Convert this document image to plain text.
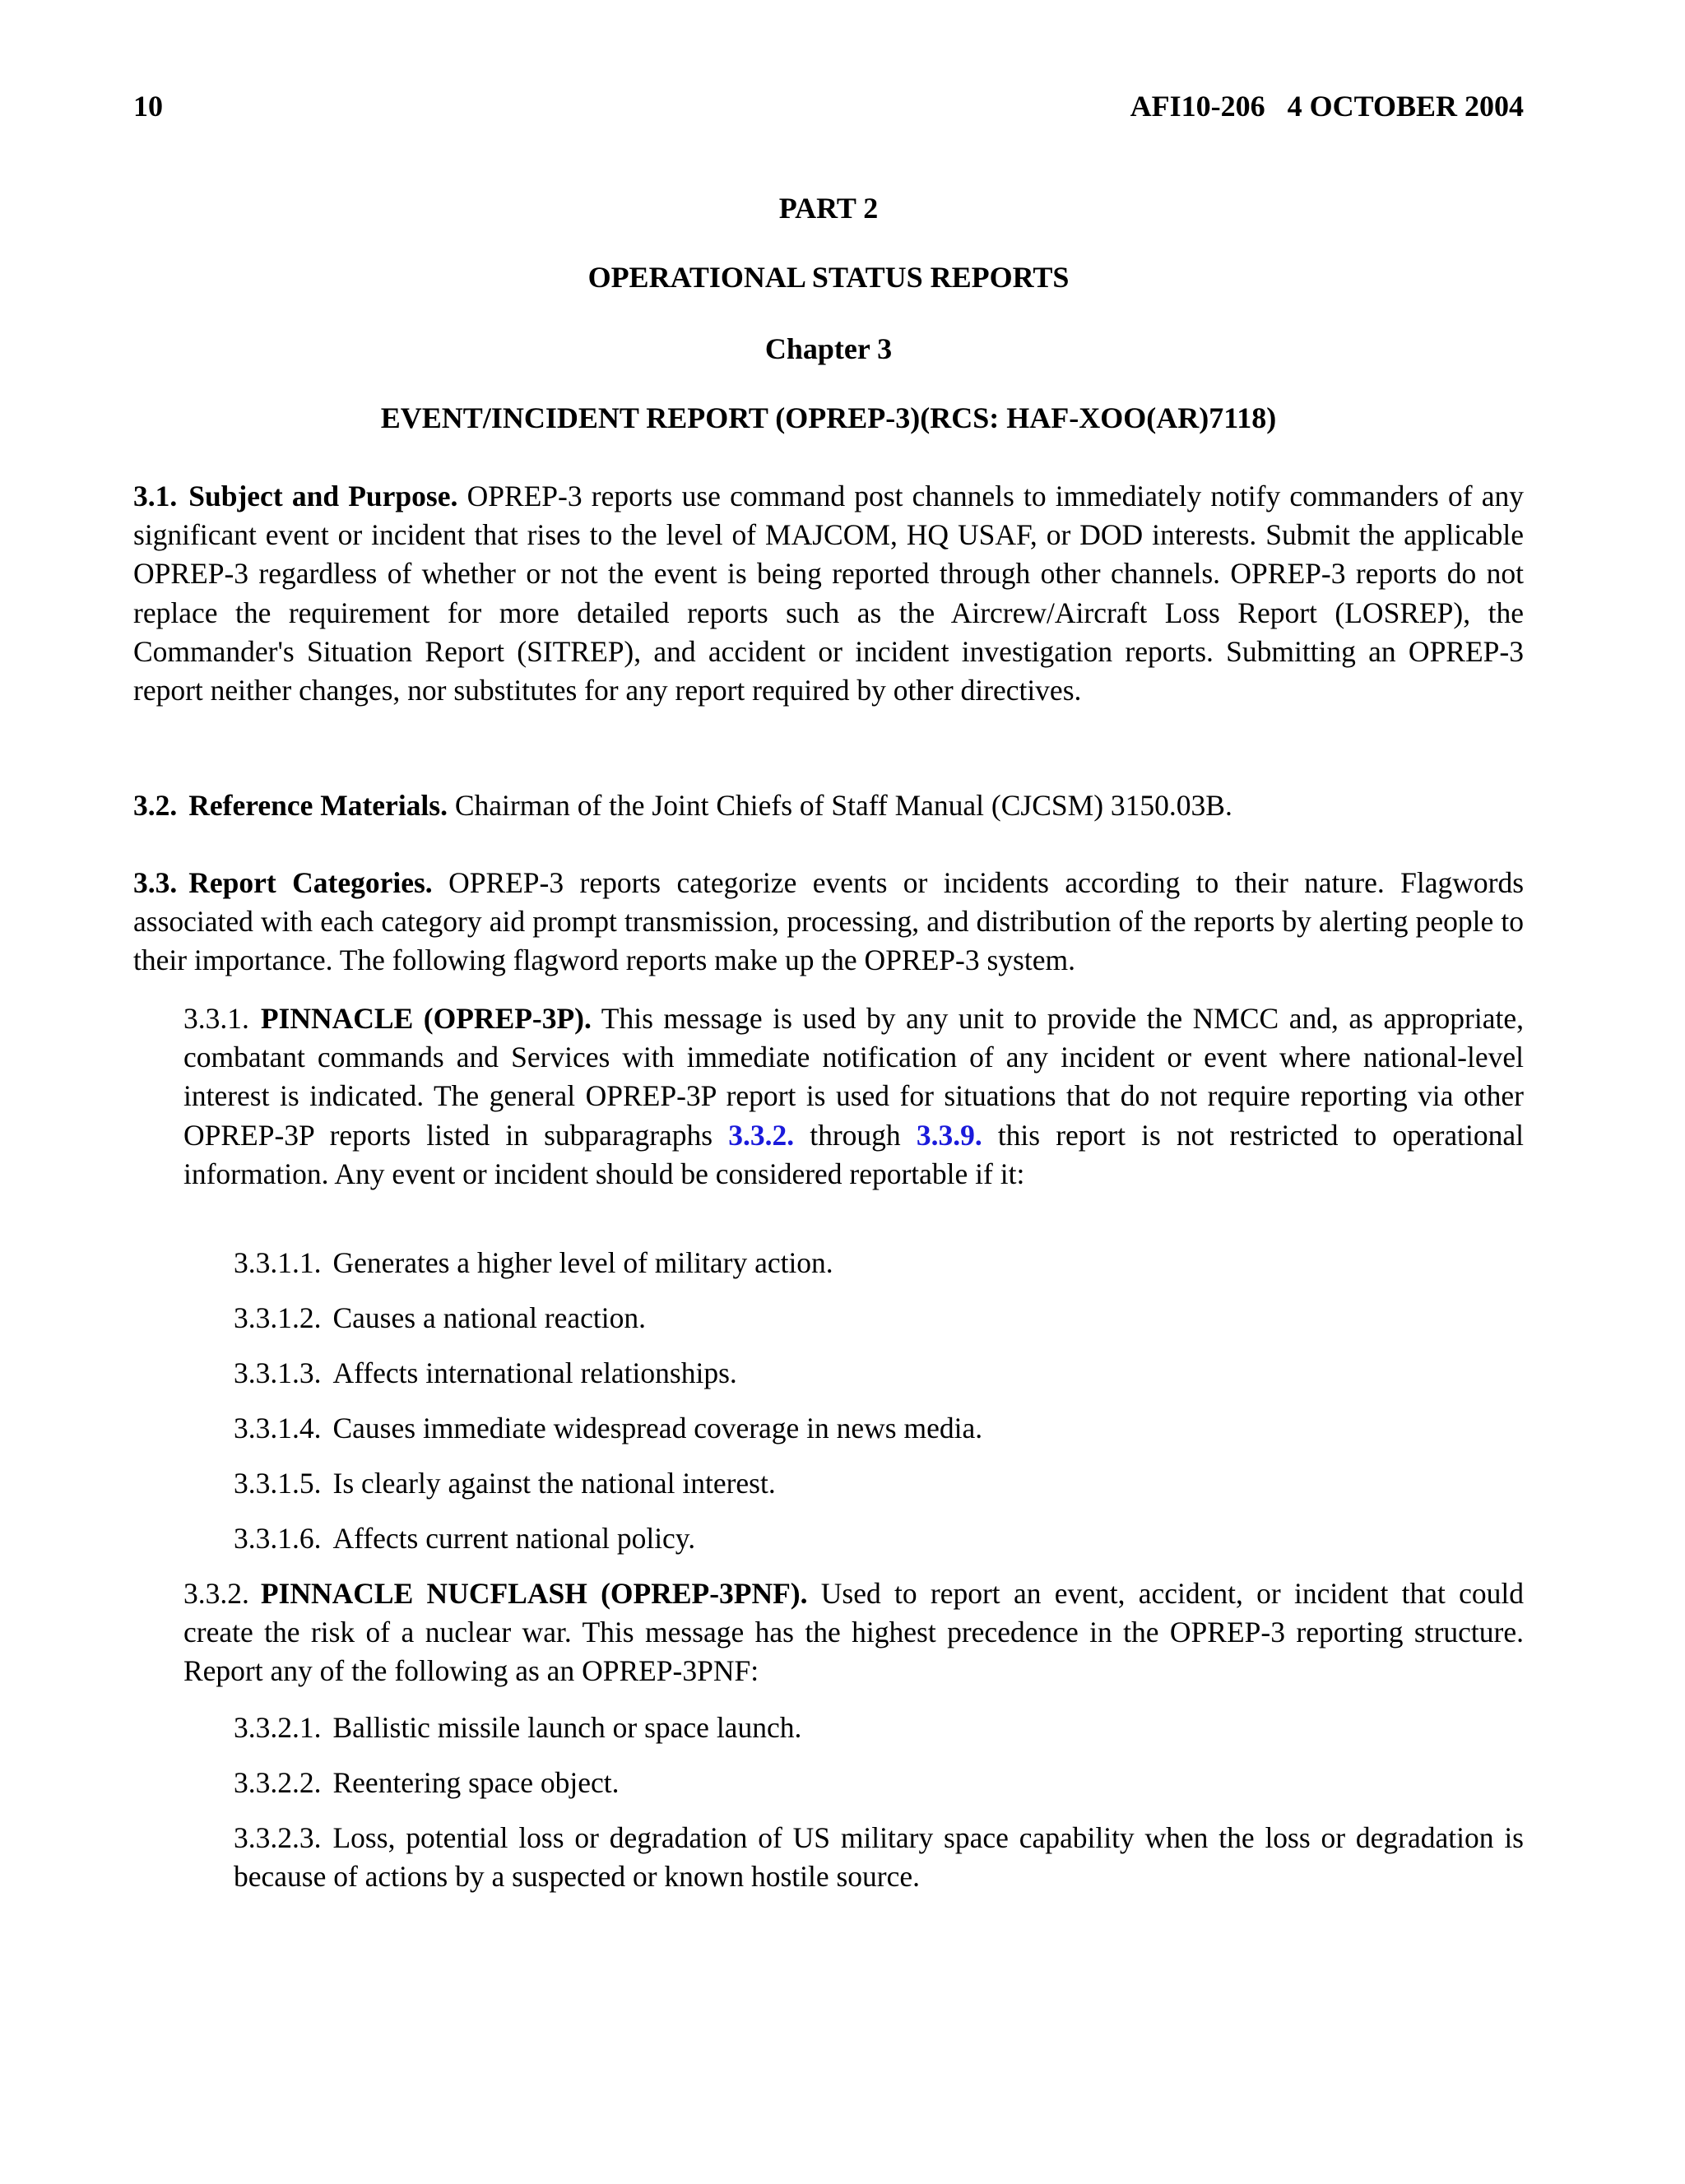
10	AFI10-206   4 OCTOBER 2004
PART 2
OPERATIONAL STATUS REPORTS
Chapter 3
EVENT/INCIDENT REPORT (OPREP-3)(RCS: HAF-XOO(AR)7118)
3.1. Subject and Purpose. OPREP-3 reports use command post channels to immediately notify commanders of any significant event or incident that rises to the level of MAJCOM, HQ USAF, or DOD interests. Submit the applicable OPREP-3 regardless of whether or not the event is being reported through other channels. OPREP-3 reports do not replace the requirement for more detailed reports such as the Aircrew/Aircraft Loss Report (LOSREP), the Commander's Situation Report (SITREP), and accident or incident investigation reports. Submitting an OPREP-3 report neither changes, nor substitutes for any report required by other directives.
3.2. Reference Materials. Chairman of the Joint Chiefs of Staff Manual (CJCSM) 3150.03B.
3.3. Report Categories. OPREP-3 reports categorize events or incidents according to their nature. Flagwords associated with each category aid prompt transmission, processing, and distribution of the reports by alerting people to their importance. The following flagword reports make up the OPREP-3 system.
3.3.1. PINNACLE (OPREP-3P). This message is used by any unit to provide the NMCC and, as appropriate, combatant commands and Services with immediate notification of any incident or event where national-level interest is indicated. The general OPREP-3P report is used for situations that do not require reporting via other OPREP-3P reports listed in subparagraphs 3.3.2. through 3.3.9. this report is not restricted to operational information. Any event or incident should be considered reportable if it:
3.3.1.1. Generates a higher level of military action.
3.3.1.2. Causes a national reaction.
3.3.1.3. Affects international relationships.
3.3.1.4. Causes immediate widespread coverage in news media.
3.3.1.5. Is clearly against the national interest.
3.3.1.6. Affects current national policy.
3.3.2. PINNACLE NUCFLASH (OPREP-3PNF). Used to report an event, accident, or incident that could create the risk of a nuclear war. This message has the highest precedence in the OPREP-3 reporting structure. Report any of the following as an OPREP-3PNF:
3.3.2.1. Ballistic missile launch or space launch.
3.3.2.2. Reentering space object.
3.3.2.3. Loss, potential loss or degradation of US military space capability when the loss or degradation is because of actions by a suspected or known hostile source.
